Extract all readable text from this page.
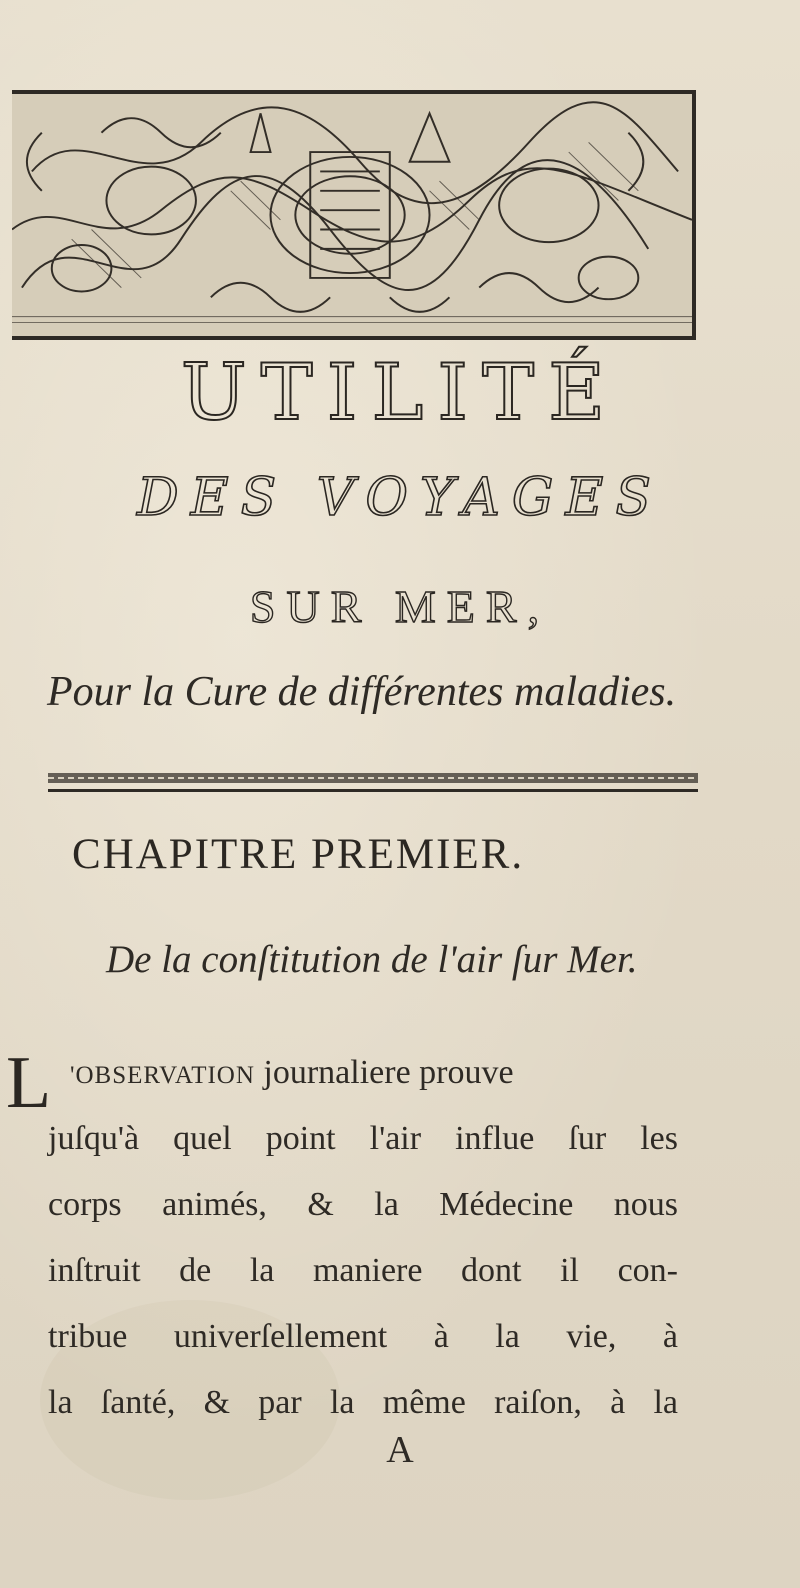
UTILITÉ
DES VOYAGES
SUR MER,
Pour la Cure de différentes maladies.
CHAPITRE PREMIER.
De la conſtitution de l'air ſur Mer.
L 'OBSERVATION journaliere prouve
juſqu'à quel point l'air influe ſur les
corps animés, & la Médecine nous
inſtruit de la maniere dont il con-
tribue univerſellement à la vie, à
la ſanté, & par la même raiſon, à la
A
